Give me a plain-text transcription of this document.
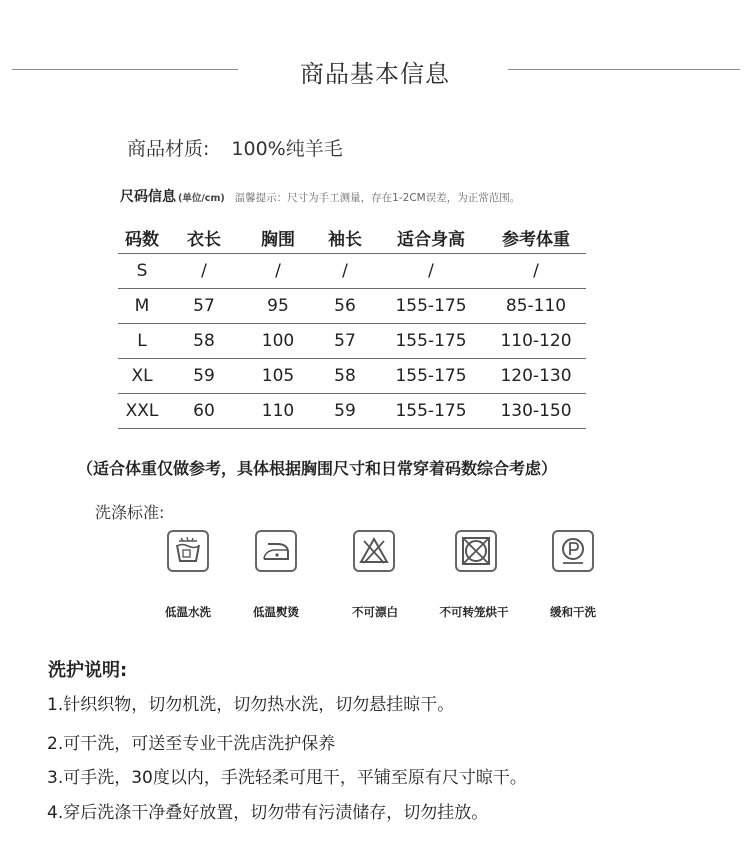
商品基本信息
商品材质: 100%纯羊毛
尺码信息 (单位/cm) 温馨提示：尺寸为手工测量，存在1-2CM误差，为正常范围。
码数	衣长	胸围	袖长	适合身高	参考体重
S	/	/	/	/	/
M	57	95	56	155-175	85-110
L	58	100	57	155-175	110-120
XL	59	105	58	155-175	120-130
XXL	60	110	59	155-175	130-150
（适合体重仅做参考，具体根据胸围尺寸和日常穿着码数综合考虑）
洗涤标准:
低温水洗	低温熨烫	不可漂白	不可转笼烘干	缓和干洗
洗护说明:
1.针织织物，切勿机洗，切勿热水洗，切勿悬挂晾干。
2.可干洗，可送至专业干洗店洗护保养
3.可手洗，30度以内，手洗轻柔可甩干，平铺至原有尺寸晾干。
4.穿后洗涤干净叠好放置，切勿带有污渍储存，切勿挂放。
